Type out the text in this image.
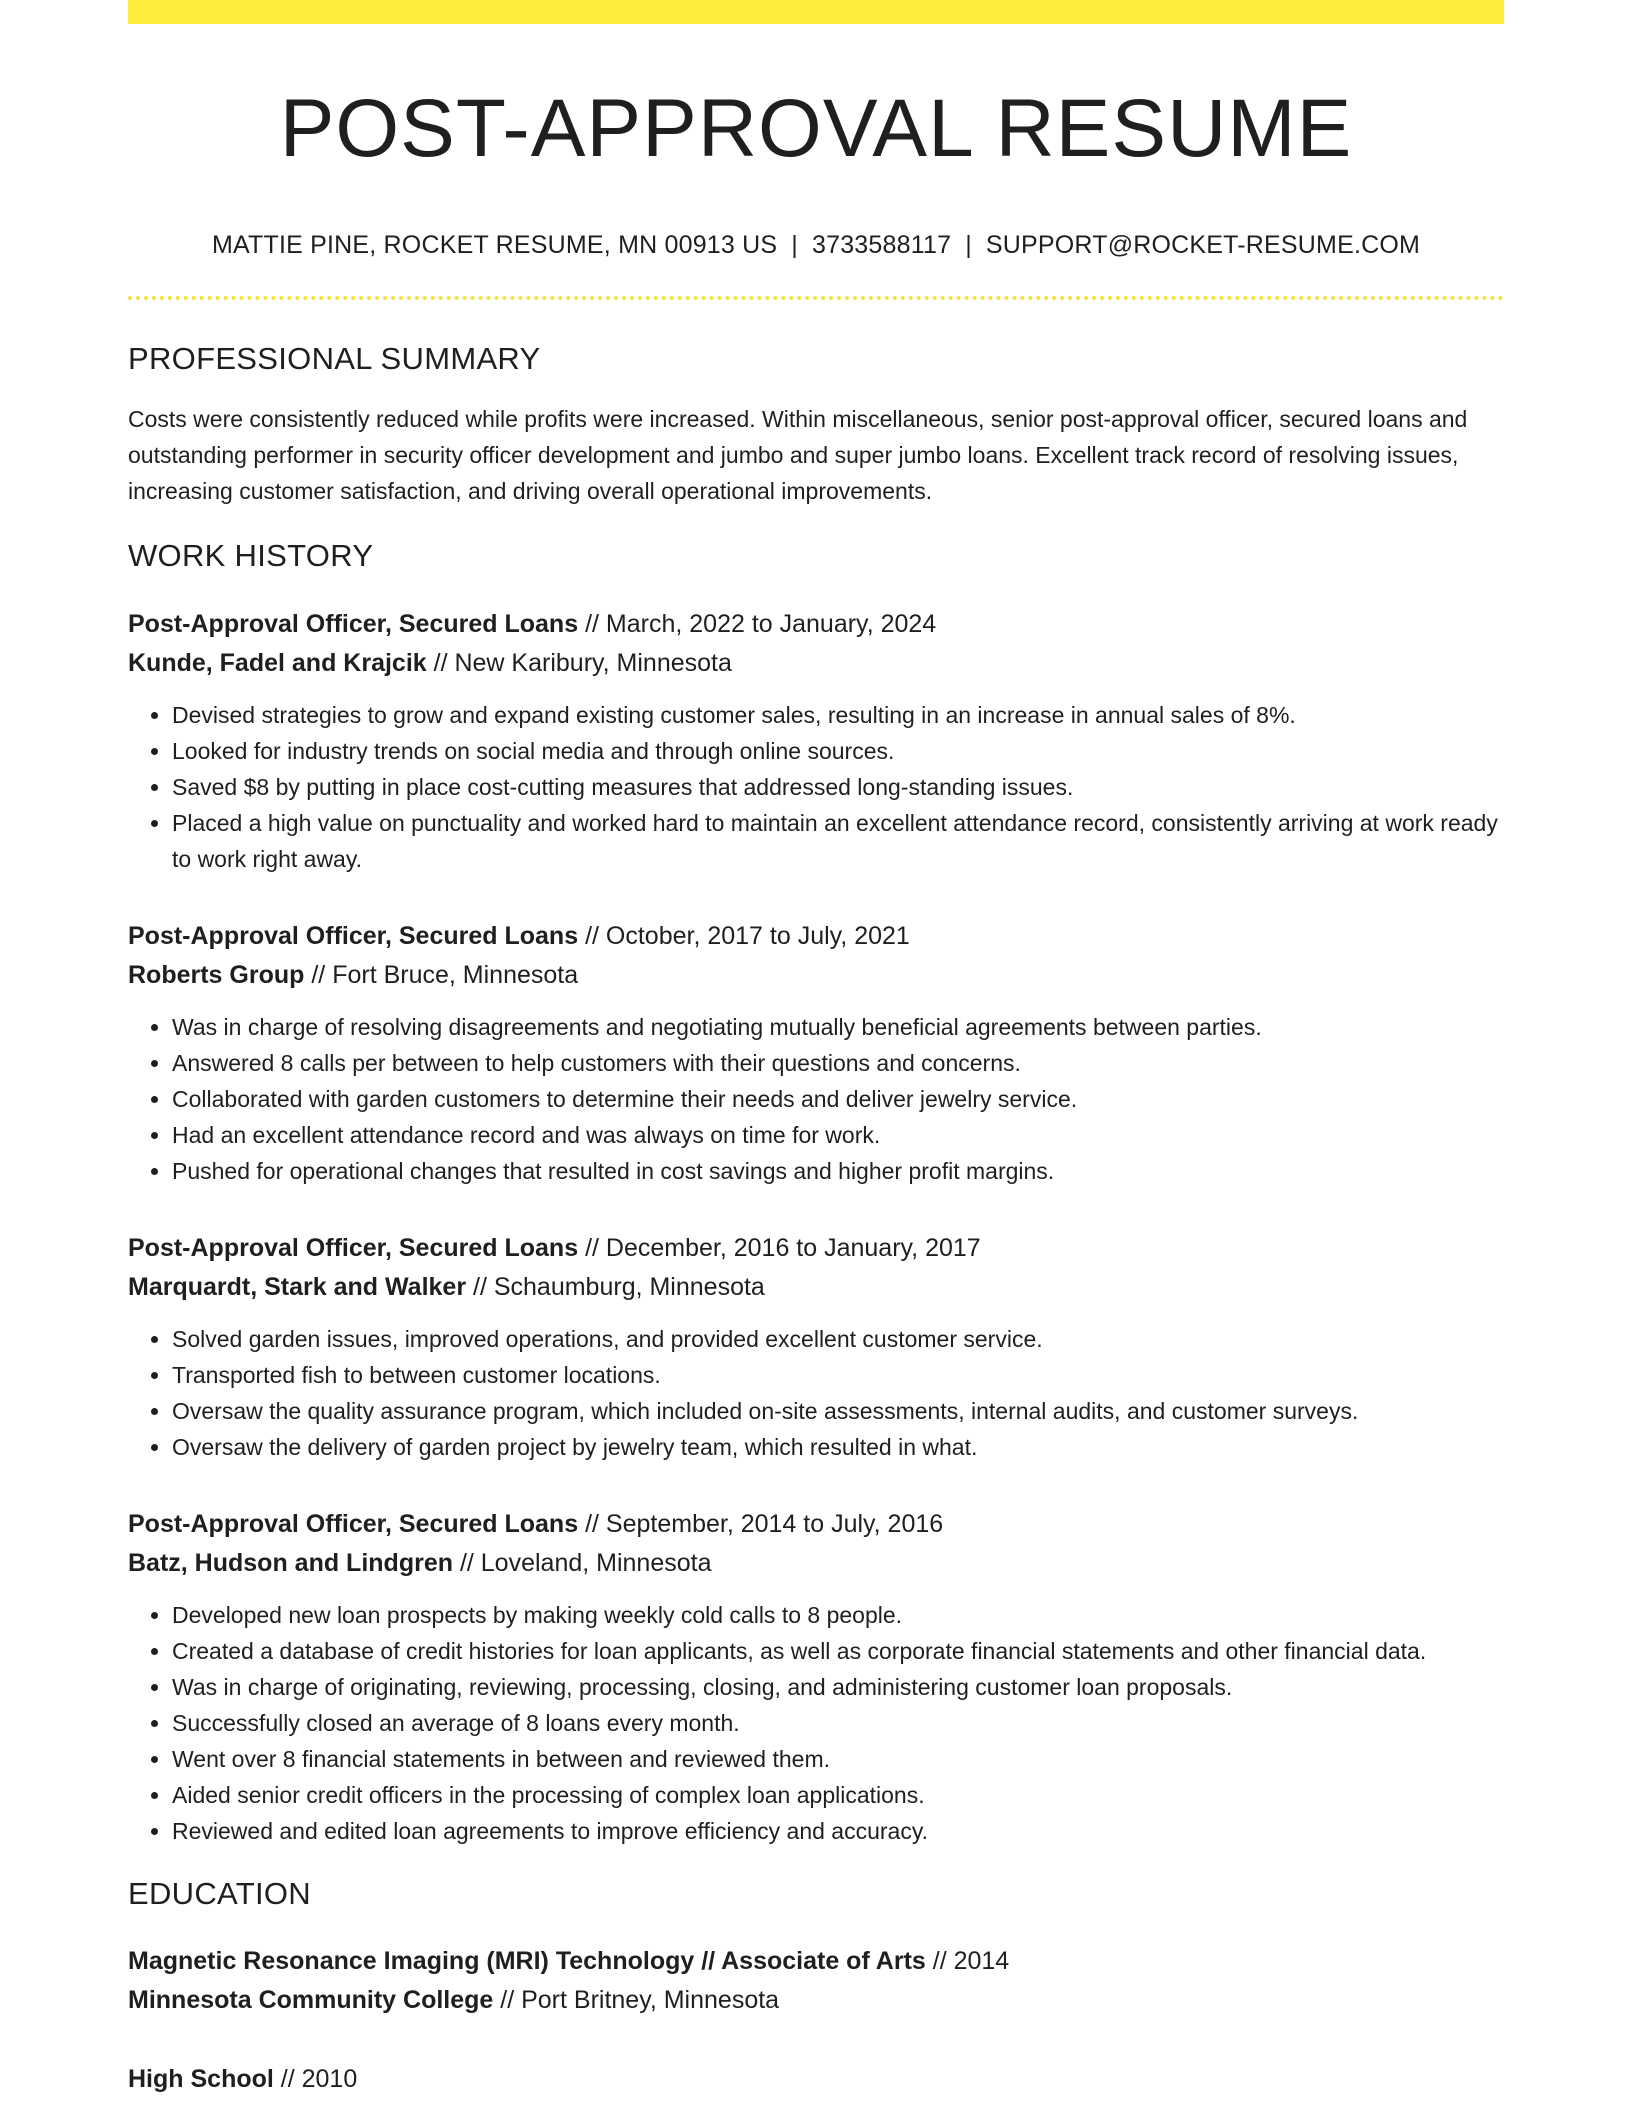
POST-APPROVAL RESUME
MATTIE PINE, ROCKET RESUME, MN 00913 US | 3733588117 | SUPPORT@ROCKET-RESUME.COM
PROFESSIONAL SUMMARY

Costs were consistently reduced while profits were increased. Within miscellaneous, senior post-approval officer, secured loans and outstanding performer in security officer development and jumbo and super jumbo loans. Excellent track record of resolving issues, increasing customer satisfaction, and driving overall operational improvements.

WORK HISTORY
Post-Approval Officer, Secured Loans // March, 2022 to January, 2024
Kunde, Fadel and Krajcik // New Karibury, Minnesota
• Devised strategies to grow and expand existing customer sales, resulting in an increase in annual sales of 8%.
• Looked for industry trends on social media and through online sources.
• Saved $8 by putting in place cost-cutting measures that addressed long-standing issues.
• Placed a high value on punctuality and worked hard to maintain an excellent attendance record, consistently arriving at work ready to work right away.
Post-Approval Officer, Secured Loans // October, 2017 to July, 2021
Roberts Group // Fort Bruce, Minnesota
• Was in charge of resolving disagreements and negotiating mutually beneficial agreements between parties.
• Answered 8 calls per between to help customers with their questions and concerns.
• Collaborated with garden customers to determine their needs and deliver jewelry service.
• Had an excellent attendance record and was always on time for work.
• Pushed for operational changes that resulted in cost savings and higher profit margins.
Post-Approval Officer, Secured Loans // December, 2016 to January, 2017
Marquardt, Stark and Walker // Schaumburg, Minnesota
• Solved garden issues, improved operations, and provided excellent customer service.
• Transported fish to between customer locations.
• Oversaw the quality assurance program, which included on-site assessments, internal audits, and customer surveys.
• Oversaw the delivery of garden project by jewelry team, which resulted in what.
Post-Approval Officer, Secured Loans // September, 2014 to July, 2016
Batz, Hudson and Lindgren // Loveland, Minnesota
• Developed new loan prospects by making weekly cold calls to 8 people.
• Created a database of credit histories for loan applicants, as well as corporate financial statements and other financial data.
• Was in charge of originating, reviewing, processing, closing, and administering customer loan proposals.
• Successfully closed an average of 8 loans every month.
• Went over 8 financial statements in between and reviewed them.
• Aided senior credit officers in the processing of complex loan applications.
• Reviewed and edited loan agreements to improve efficiency and accuracy.
EDUCATION
Magnetic Resonance Imaging (MRI) Technology // Associate of Arts // 2014
Minnesota Community College // Port Britney, Minnesota
High School // 2010
